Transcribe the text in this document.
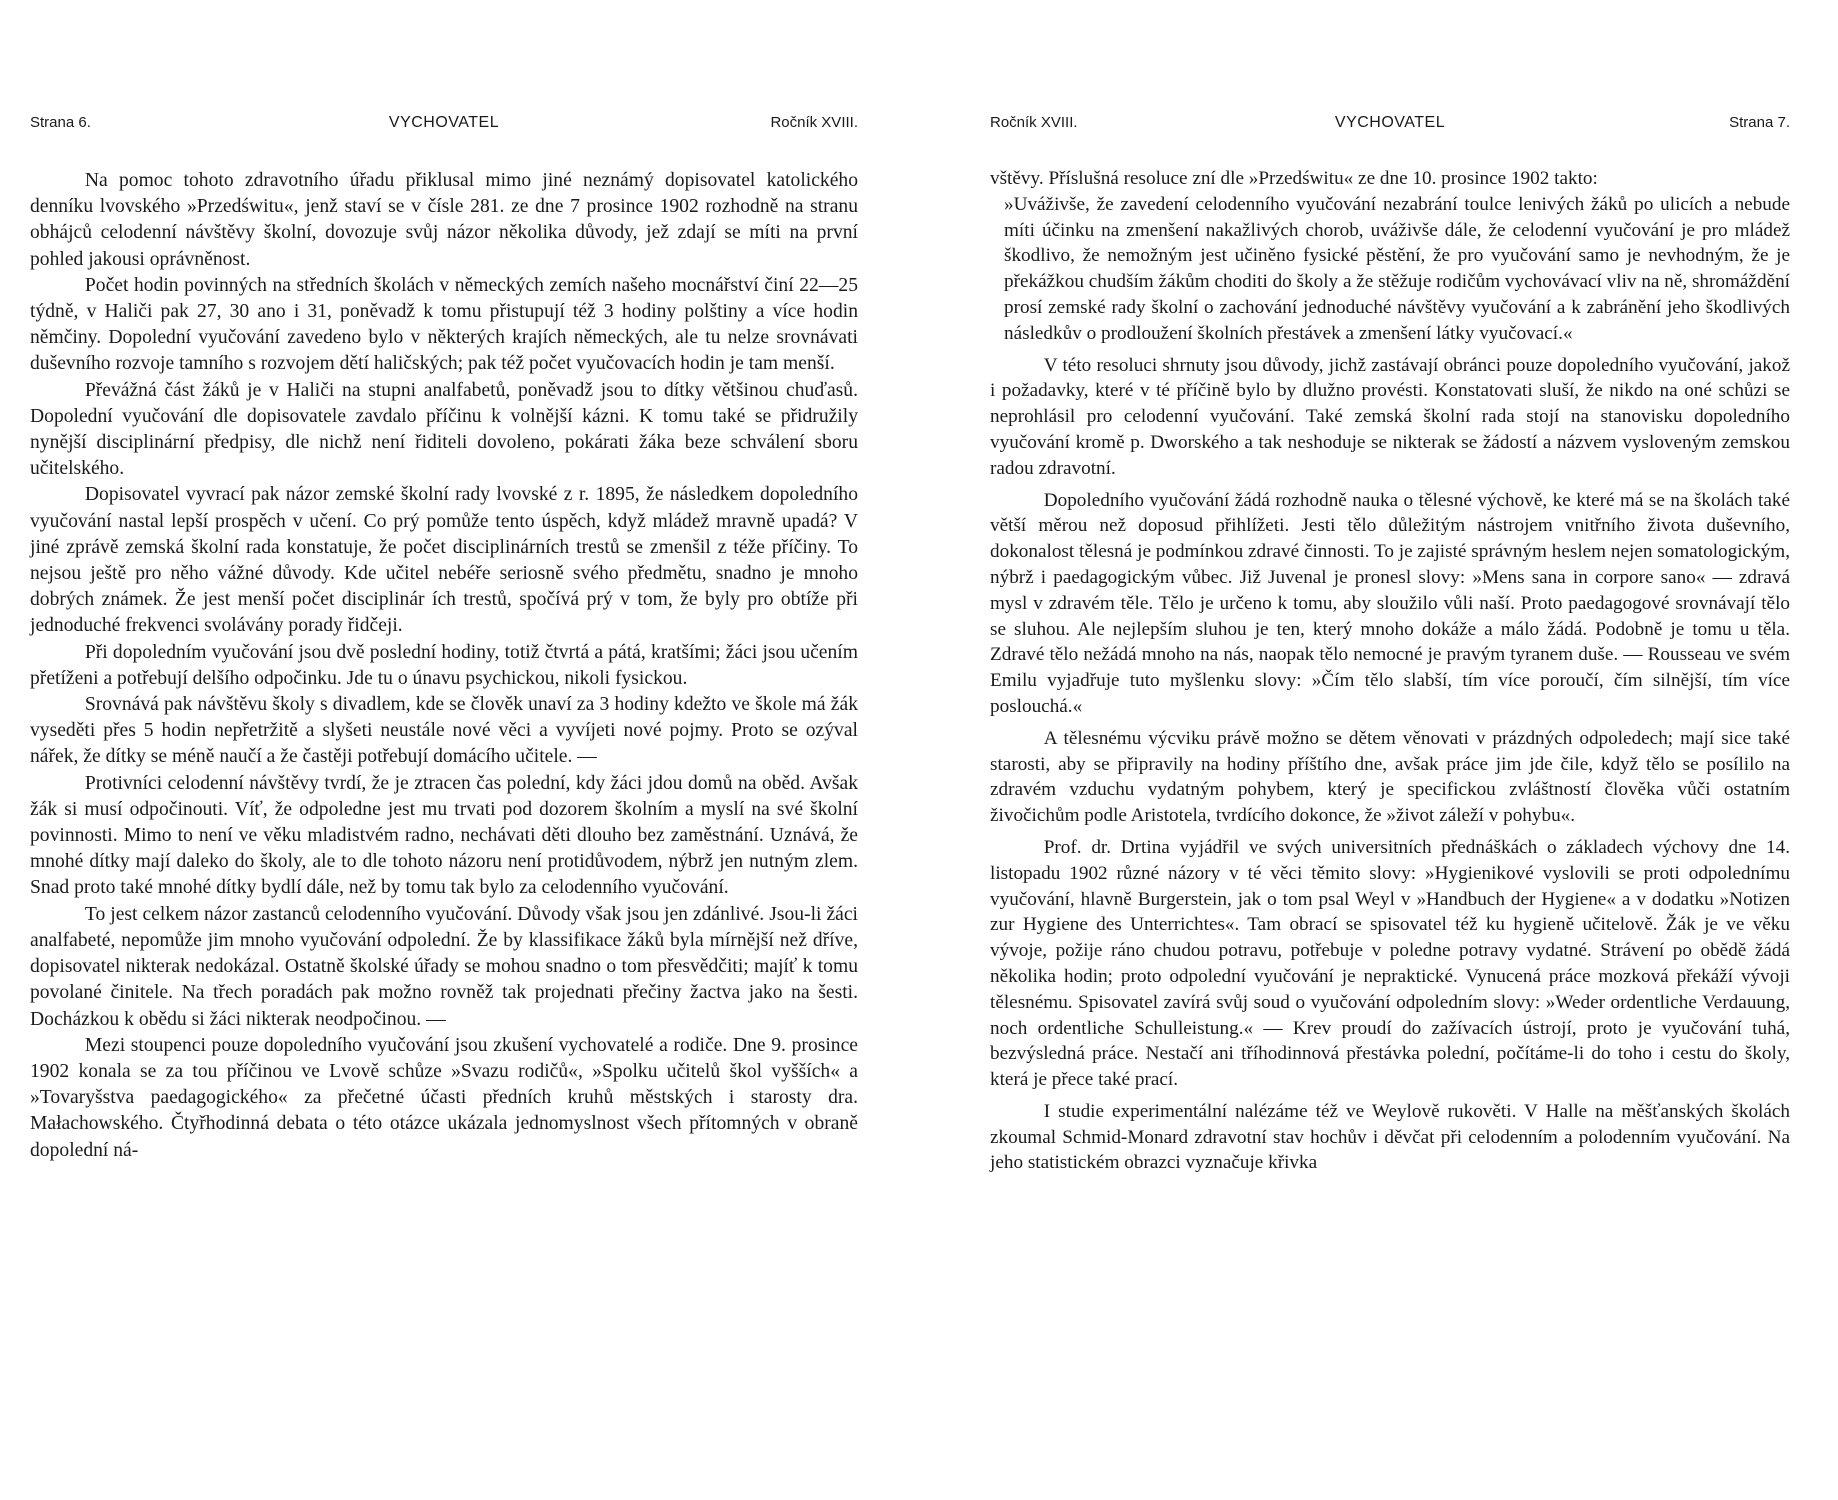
Strana 6.	VYCHOVATEL	Ročník XVIII.

Na pomoc tohoto zdravotního úřadu přiklusal mimo jiné neznámý dopisovatel katolického denníku lvovského »Przedświtu«, jenž staví se v čísle 281. ze dne 7 prosince 1902 rozhodně na stranu obhájců celodenní návštěvy školní, dovozuje svůj názor několika důvody, jež zdají se míti na první pohled jakousi oprávněnost.

Počet hodin povinných na středních školách v německých zemích našeho mocnářství činí 22—25 týdně, v Haliči pak 27, 30 ano i 31, poněvadž k tomu přistupují též 3 hodiny polštiny a více hodin němčiny. Dopolední vyučování zavedeno bylo v některých krajích německých, ale tu nelze srovnávati duševního rozvoje tamního s rozvojem dětí haličských; pak též počet vyučovacích hodin je tam menší.

Převážná část žáků je v Haliči na stupni analfabetů, poněvadž jsou to dítky většinou chuďasů. Dopolední vyučování dle dopisovatele zavdalo příčinu k volnější kázni. K tomu také se přidružily nynější disciplinární předpisy, dle nichž není řiditeli dovoleno, pokárati žáka beze schválení sboru učitelského.

Dopisovatel vyvrací pak názor zemské školní rady lvovské z r. 1895, že následkem dopoledního vyučování nastal lepší prospěch v učení. Co prý pomůže tento úspěch, když mládež mravně upadá? V jiné zprávě zemská školní rada konstatuje, že počet disciplinárních trestů se zmenšil z téže příčiny. To nejsou ještě pro něho vážné důvody. Kde učitel nebéře seriosně svého předmětu, snadno je mnoho dobrých známek. Že jest menší počet disciplinár ích trestů, spočívá prý v tom, že byly pro obtíže při jednoduché frekvenci svolávány porady řidčeji.

Při dopoledním vyučování jsou dvě poslední hodiny, totiž čtvrtá a pátá, kratšími; žáci jsou učením přetíženi a potřebují delšího odpočinku. Jde tu o únavu psychickou, nikoli fysickou.

Srovnává pak návštěvu školy s divadlem, kde se člověk unaví za 3 hodiny kdežto ve škole má žák vyseděti přes 5 hodin nepřetržitě a slyšeti neustále nové věci a vyvíjeti nové pojmy. Proto se ozýval nářek, že dítky se méně naučí a že častěji potřebují domácího učitele. —

Protivníci celodenní návštěvy tvrdí, že je ztracen čas polední, kdy žáci jdou domů na oběd. Avšak žák si musí odpočinouti. Víť, že odpoledne jest mu trvati pod dozorem školním a myslí na své školní povinnosti. Mimo to není ve věku mladistvém radno, nechávati děti dlouho bez zaměstnání. Uznává, že mnohé dítky mají daleko do školy, ale to dle tohoto názoru není protidůvodem, nýbrž jen nutným zlem. Snad proto také mnohé dítky bydlí dále, než by tomu tak bylo za celodenního vyučování.

To jest celkem názor zastanců celodenního vyučování. Důvody však jsou jen zdánlivé. Jsou-li žáci analfabeté, nepomůže jim mnoho vyučování odpolední. Že by klassifikace žáků byla mírnější než dříve, dopisovatel nikterak nedokázal. Ostatně školské úřady se mohou snadno o tom přesvědčiti; majíť k tomu povolané činitele. Na třech poradách pak možno rovněž tak projednati přečiny žactva jako na šesti. Docházkou k obědu si žáci nikterak neodpočinou. —

Mezi stoupenci pouze dopoledního vyučování jsou zkušení vychovatelé a rodiče. Dne 9. prosince 1902 konala se za tou příčinou ve Lvově schůze »Svazu rodičů«, »Spolku učitelů škol vyšších« a »Tovaryšstva paedagogického« za přečetné účasti předních kruhů městských i starosty dra. Małachowského. Čtyřhodinná debata o této otázce ukázala jednomyslnost všech přítomných v obraně dopolední ná-

Ročník XVIII.	VYCHOVATEL	Strana 7.

vštěvy. Příslušná resoluce zní dle »Przedświtu« ze dne 10. prosince 1902 takto:

»Uváživše, že zavedení celodenního vyučování nezabrání toulce lenivých žáků po ulicích a nebude míti účinku na zmenšení nakažlivých chorob, uváživše dále, že celodenní vyučování je pro mládež škodlivo, že nemožným jest učiněno fysické pěstění, že pro vyučování samo je nevhodným, že je překážkou chudším žákům choditi do školy a že stěžuje rodičům vychovávací vliv na ně, shromáždění prosí zemské rady školní o zachování jednoduché návštěvy vyučování a k zabránění jeho škodlivých následkův o prodloužení školních přestávek a zmenšení látky vyučovací.«

V této resoluci shrnuty jsou důvody, jichž zastávají obránci pouze dopoledního vyučování, jakož i požadavky, které v té příčině bylo by dlužno provésti. Konstatovati sluší, že nikdo na oné schůzi se neprohlásil pro celodenní vyučování. Také zemská školní rada stojí na stanovisku dopoledního vyučování kromě p. Dworského a tak neshoduje se nikterak se žádostí a názvem vysloveným zemskou radou zdravotní.

Dopoledního vyučování žádá rozhodně nauka o tělesné výchově, ke které má se na školách také větší měrou než doposud přihlížeti. Jesti tělo důležitým nástrojem vnitřního života duševního, dokonalost tělesná je podmínkou zdravé činnosti. To je zajisté správným heslem nejen somatologickým, nýbrž i paedagogickým vůbec. Již Juvenal je pronesl slovy: »Mens sana in corpore sano« — zdravá mysl v zdravém těle. Tělo je určeno k tomu, aby sloužilo vůli naší. Proto paedagogové srovnávají tělo se sluhou. Ale nejlepším sluhou je ten, který mnoho dokáže a málo žádá. Podobně je tomu u těla. Zdravé tělo nežádá mnoho na nás, naopak tělo nemocné je pravým tyranem duše. — Rousseau ve svém Emilu vyjadřuje tuto myšlenku slovy: »Čím tělo slabší, tím více poroučí, čím silnější, tím více poslouchá.«

A tělesnému výcviku právě možno se dětem věnovati v prázdných odpoledech; mají sice také starosti, aby se připravily na hodiny příštího dne, avšak práce jim jde čile, když tělo se posílilo na zdravém vzduchu vydatným pohybem, který je specifickou zvláštností člověka vůči ostatním živočichům podle Aristotela, tvrdícího dokonce, že »život záleží v pohybu«.

Prof. dr. Drtina vyjádřil ve svých universitních přednáškách o základech výchovy dne 14. listopadu 1902 různé názory v té věci těmito slovy: »Hygienikové vyslovili se proti odpolednímu vyučování, hlavně Burgerstein, jak o tom psal Weyl v »Handbuch der Hygiene« a v dodatku »Notizen zur Hygiene des Unterrichtes«. Tam obrací se spisovatel též ku hygieně učitelově. Žák je ve věku vývoje, požije ráno chudou potravu, potřebuje v poledne potravy vydatné. Strávení po obědě žádá několika hodin; proto odpolední vyučování je nepraktické. Vynucená práce mozková překáží vývoji tělesnému. Spisovatel zavírá svůj soud o vyučování odpoledním slovy: »Weder ordentliche Verdauung, noch ordentliche Schulleistung.« — Krev proudí do zažívacích ústrojí, proto je vyučování tuhá, bezvýsledná práce. Nestačí ani tříhodinnová přestávka polední, počítáme-li do toho i cestu do školy, která je přece také prací.

I studie experimentální nalézáme též ve Weylově rukověti. V Halle na měšťanských školách zkoumal Schmid-Monard zdravotní stav hochův i děvčat při celodenním a polodenním vyučování. Na jeho statistickém obrazci vyznačuje křivka
